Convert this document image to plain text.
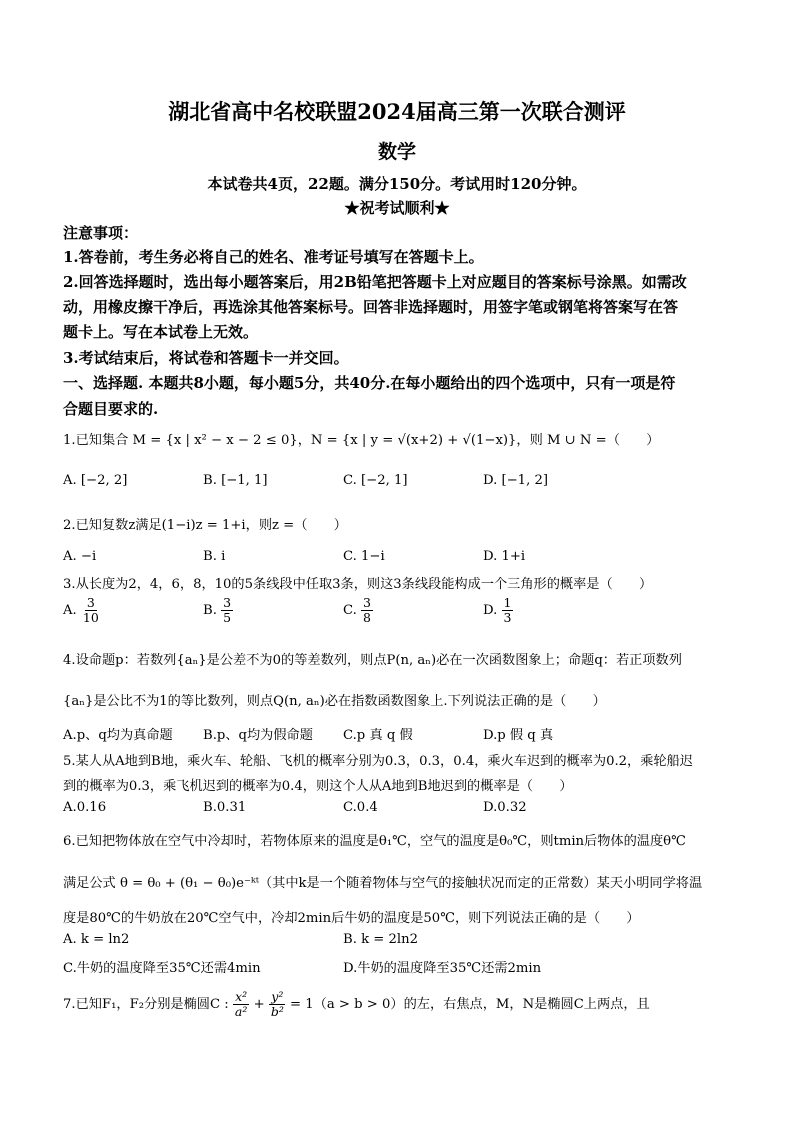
湖北省高中名校联盟2024届高三第一次联合测评
数学
本试卷共4页，22题。满分150分。考试用时120分钟。
★祝考试顺利★
注意事项：
1.答卷前，考生务必将自己的姓名、准考证号填写在答题卡上。
2.回答选择题时，选出每小题答案后，用2B铅笔把答题卡上对应题目的答案标号涂黑。如需改
动，用橡皮擦干净后，再选涂其他答案标号。回答非选择题时，用签字笔或钢笔将答案写在答
题卡上。写在本试卷上无效。
3.考试结束后，将试卷和答题卡一并交回。
一、选择题. 本题共8小题，每小题5分，共40分.在每小题给出的四个选项中，只有一项是符
合题目要求的.
1.已知集合 M = {x | x² − x − 2 ≤ 0}，N = {x | y = √(x+2) + √(1−x)}，则 M ∪ N =（　　）
A. [−2, 2]	B. [−1, 1]	C. [−2, 1]	D. [−1, 2]
2.已知复数z满足(1−i)z = 1+i，则z =（　　）
A. −i	B. i	C. 1−i	D. 1+i
3.从长度为2，4，6，8，10的5条线段中任取3条，则这3条线段能构成一个三角形的概率是（　　）
A. $\frac{3}{10}$	B. $\frac{3}{5}$	C. $\frac{3}{8}$	D. $\frac{1}{3}$
4.设命题p：若数列{aₙ}是公差不为0的等差数列，则点P(n, aₙ)必在一次函数图象上；命题q：若正项数列
{aₙ}是公比不为1的等比数列，则点Q(n, aₙ)必在指数函数图象上.下列说法正确的是（　　）
A.p、q均为真命题 B.p、q均为假命题 C.p 真 q 假	D.p 假 q 真
5.某人从A地到B地，乘火车、轮船、飞机的概率分别为0.3，0.3，0.4，乘火车迟到的概率为0.2，乘轮船迟
到的概率为0.3，乘飞机迟到的概率为0.4，则这个人从A地到B地迟到的概率是（　　）
A.0.16	B.0.31	C.0.4	D.0.32
6.已知把物体放在空气中冷却时，若物体原来的温度是θ₁℃，空气的温度是θ₀℃，则tmin后物体的温度θ℃
满足公式 θ = θ₀ + (θ₁ − θ₀)e⁻ᵏᵗ（其中k是一个随着物体与空气的接触状况而定的正常数）某天小明同学将温
度是80℃的牛奶放在20℃空气中，冷却2min后牛奶的温度是50℃，则下列说法正确的是（　　）
A. k = ln2	B. k = 2ln2
C.牛奶的温度降至35℃还需4min	D.牛奶的温度降至35℃还需2min
7.已知F₁，F₂分别是椭圆C : $\frac{\text{x²}}{\text{a²}} + \frac{\text{y²}}{\text{b²}} = 1(a > b > 0)$的左，右焦点，M，N是椭圆C上两点，且
